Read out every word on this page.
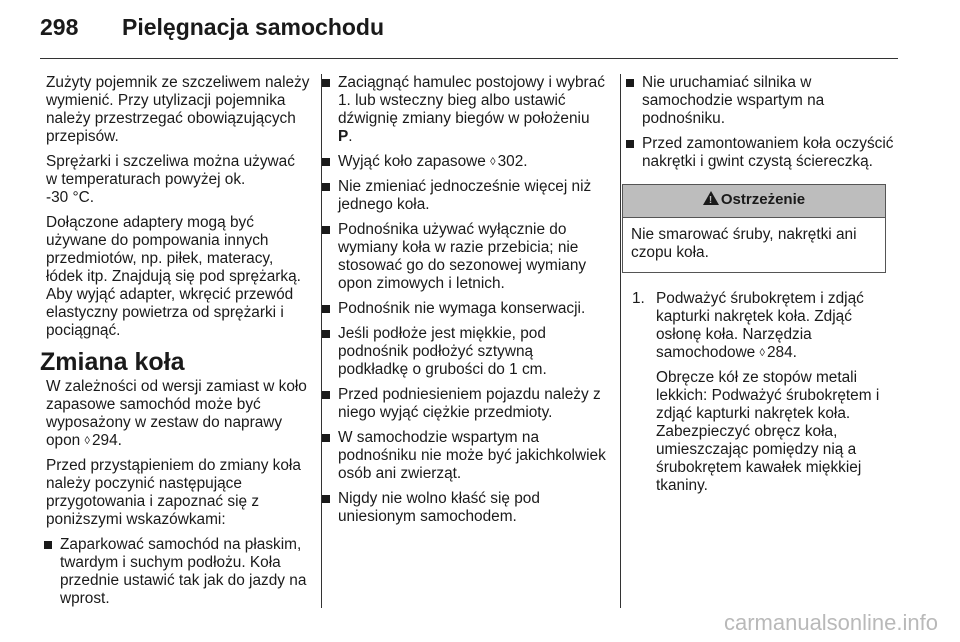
298 Pielęgnacja samochodu

Zużyty pojemnik ze szczeliwem należy wymienić. Przy utylizacji pojemnika należy przestrzegać obowiązujących przepisów.

Sprężarki i szczeliwa można używać w temperaturach powyżej ok.
-30 °C.

Dołączone adaptery mogą być używane do pompowania innych przedmiotów, np. piłek, materacy, łódek itp. Znajdują się pod sprężarką. Aby wyjąć adapter, wkręcić przewód elastyczny powietrza od sprężarki i pociągnąć.

Zmiana koła

W zależności od wersji zamiast w koło zapasowe samochód może być wyposażony w zestaw do naprawy opon ◊ 294.

Przed przystąpieniem do zmiany koła należy poczynić następujące przygotowania i zapoznać się z poniższymi wskazówkami:

Zaparkować samochód na płaskim, twardym i suchym podłożu. Koła przednie ustawić tak jak do jazdy na wprost.
Zaciągnąć hamulec postojowy i wybrać 1. lub wsteczny bieg albo ustawić dźwignię zmiany biegów w położeniu P.
Wyjąć koło zapasowe ◊ 302.
Nie zmieniać jednocześnie więcej niż jednego koła.
Podnośnika używać wyłącznie do wymiany koła w razie przebicia; nie stosować go do sezonowej wymiany opon zimowych i letnich.
Podnośnik nie wymaga konserwacji.
Jeśli podłoże jest miękkie, pod podnośnik podłożyć sztywną podkładkę o grubości do 1 cm.
Przed podniesieniem pojazdu należy z niego wyjąć ciężkie przedmioty.
W samochodzie wspartym na podnośniku nie może być jakichkolwiek osób ani zwierząt.
Nigdy nie wolno kłaść się pod uniesionym samochodem.
Nie uruchamiać silnika w samochodzie wspartym na podnośniku.
Przed zamontowaniem koła oczyścić nakrętki i gwint czystą ściereczką.
!Ostrzeżenie
Nie smarować śruby, nakrętki ani czopu koła.
1. Podważyć śrubokrętem i zdjąć kapturki nakrętek koła. Zdjąć osłonę koła. Narzędzia samochodowe ◊ 284.

Obręcze kół ze stopów metali lekkich: Podważyć śrubokrętem i zdjąć kapturki nakrętek koła. Zabezpieczyć obręcz koła, umieszczając pomiędzy nią a śrubokrętem kawałek miękkiej tkaniny.

carmanualsonline.info
